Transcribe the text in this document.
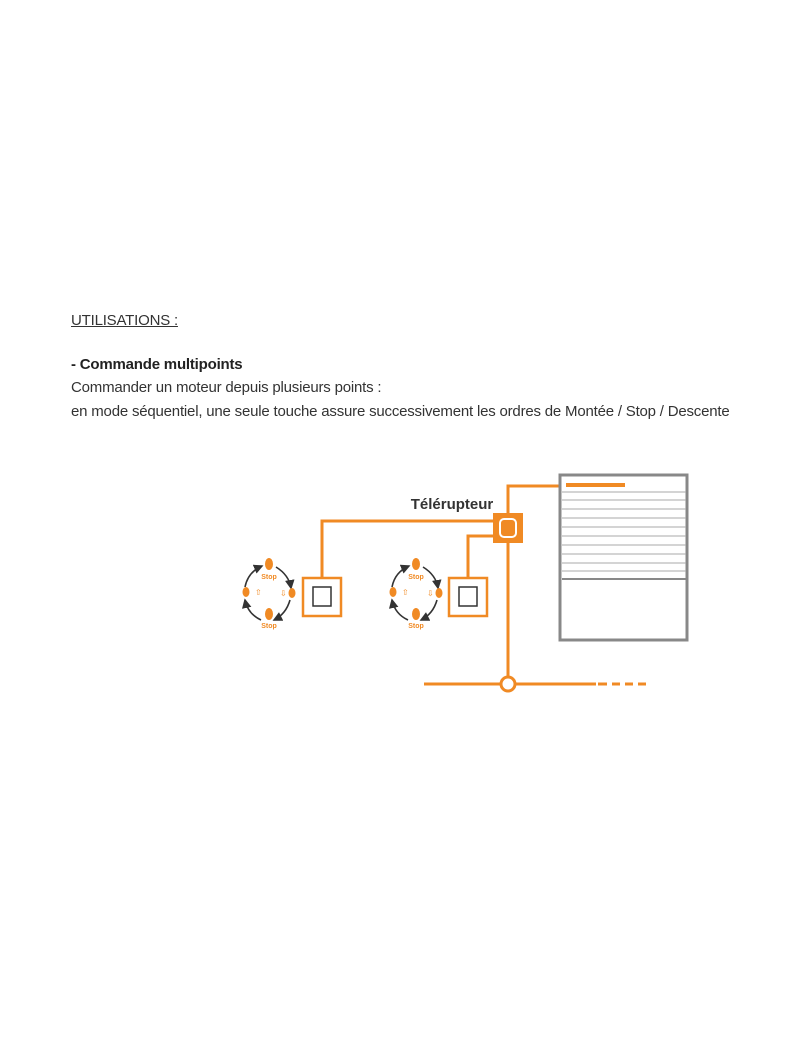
UTILISATIONS :

- Commande multipoints

Commander un moteur depuis plusieurs points :

en mode séquentiel, une seule touche assure successivement les ordres de Montée / Stop / Descente

Télérupteur
Stop
Stop
⇧ ⇩
Stop
Stop
⇧ ⇩
